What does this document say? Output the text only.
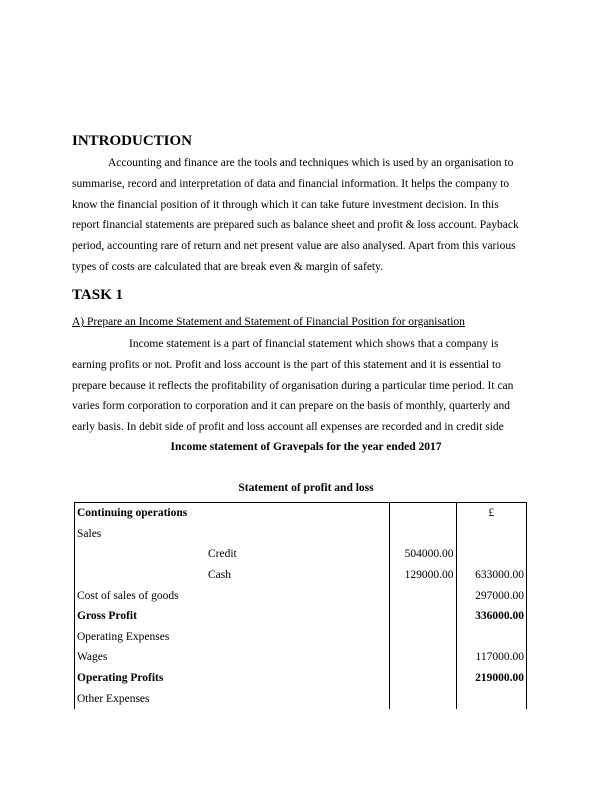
INTRODUCTION
Accounting and finance are the tools and techniques which is used by an organisation to
summarise, record and interpretation of data and financial information. It helps the company to
know the financial position of it through which it can take future investment decision. In this
report financial statements are prepared such as balance sheet and profit & loss account. Payback
period, accounting rare of return and net present value are also analysed. Apart from this various
types of costs are calculated that are break even & margin of safety.
TASK 1
A) Prepare an Income Statement and Statement of Financial Position for organisation
Income statement is a part of financial statement which shows that a company is
earning profits or not. Profit and loss account is the part of this statement and it is essential to
prepare because it reflects the profitability of organisation during a particular time period. It can
varies form corporation to corporation and it can prepare on the basis of monthly, quarterly and
early basis. In debit side of profit and loss account all expenses are recorded and in credit side
Income statement of Gravepals for the year ended 2017
Statement of profit and loss
Continuing operations		£
Sales		
Credit	504000.00	
Cash	129000.00	633000.00
Cost of sales of goods		297000.00
Gross Profit		336000.00
Operating Expenses		
Wages		117000.00
Operating Profits		219000.00
Other Expenses		
